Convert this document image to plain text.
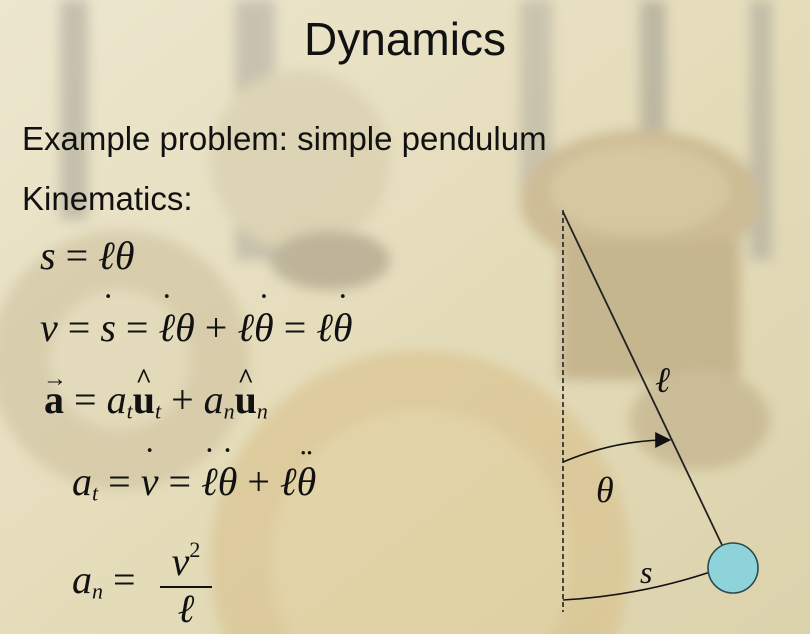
Dynamics
Example problem: simple pendulum
Kinematics:
s = ℓθ
v = s ˙ = ℓ ˙θ + ℓθ ˙ = ℓθ ˙
a → = $a_tu$ $\^{}_t + a_nu$ $\^{}_n$
$a_t = v$ ˙ = ℓ ˙θ ˙ + ℓθ ¨
$a_n = v^2$
ℓ
ℓ
θ
s
